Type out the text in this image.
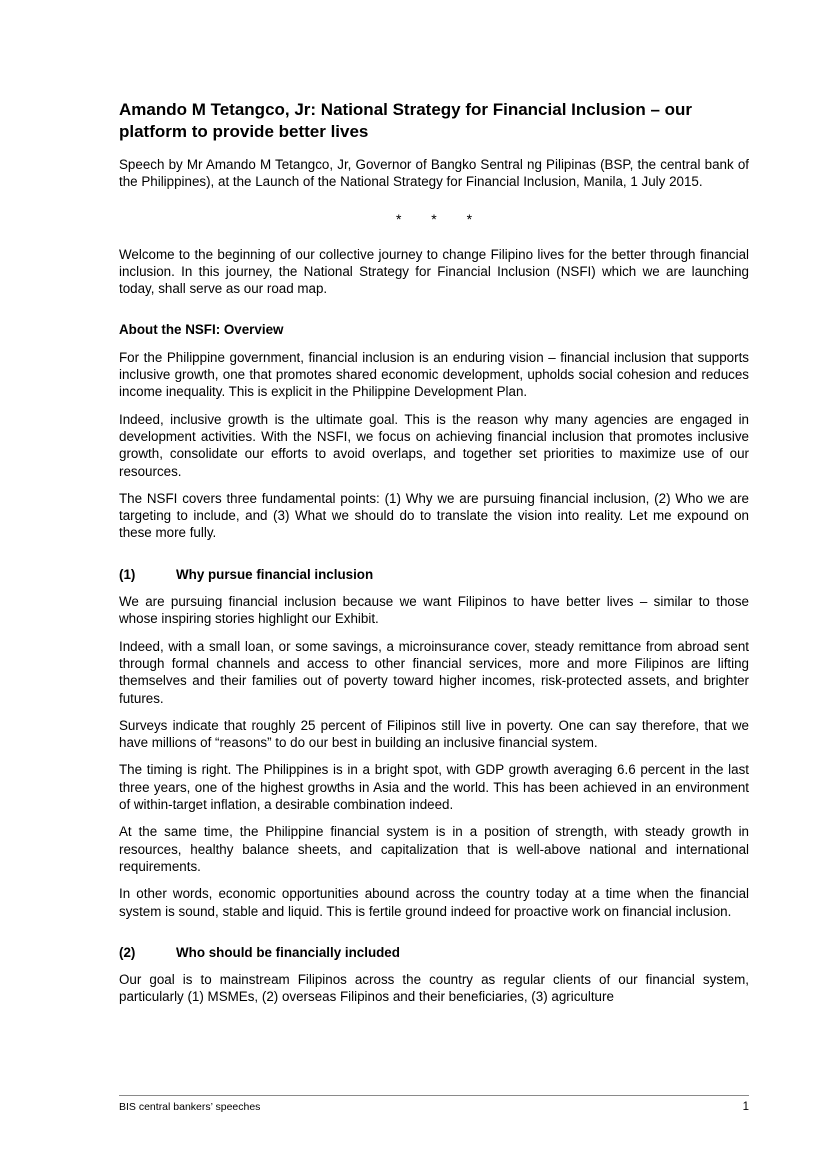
Amando M Tetangco, Jr: National Strategy for Financial Inclusion – our platform to provide better lives

Speech by Mr Amando M Tetangco, Jr, Governor of Bangko Sentral ng Pilipinas (BSP, the central bank of the Philippines), at the Launch of the National Strategy for Financial Inclusion, Manila, 1 July 2015.

* * *

Welcome to the beginning of our collective journey to change Filipino lives for the better through financial inclusion. In this journey, the National Strategy for Financial Inclusion (NSFI) which we are launching today, shall serve as our road map.

About the NSFI: Overview

For the Philippine government, financial inclusion is an enduring vision – financial inclusion that supports inclusive growth, one that promotes shared economic development, upholds social cohesion and reduces income inequality. This is explicit in the Philippine Development Plan.

Indeed, inclusive growth is the ultimate goal. This is the reason why many agencies are engaged in development activities. With the NSFI, we focus on achieving financial inclusion that promotes inclusive growth, consolidate our efforts to avoid overlaps, and together set priorities to maximize use of our resources.

The NSFI covers three fundamental points: (1) Why we are pursuing financial inclusion, (2) Who we are targeting to include, and (3) What we should do to translate the vision into reality. Let me expound on these more fully.

(1)	Why pursue financial inclusion

We are pursuing financial inclusion because we want Filipinos to have better lives – similar to those whose inspiring stories highlight our Exhibit.

Indeed, with a small loan, or some savings, a microinsurance cover, steady remittance from abroad sent through formal channels and access to other financial services, more and more Filipinos are lifting themselves and their families out of poverty toward higher incomes, risk-protected assets, and brighter futures.

Surveys indicate that roughly 25 percent of Filipinos still live in poverty. One can say therefore, that we have millions of “reasons” to do our best in building an inclusive financial system.

The timing is right. The Philippines is in a bright spot, with GDP growth averaging 6.6 percent in the last three years, one of the highest growths in Asia and the world. This has been achieved in an environment of within-target inflation, a desirable combination indeed.

At the same time, the Philippine financial system is in a position of strength, with steady growth in resources, healthy balance sheets, and capitalization that is well-above national and international requirements.

In other words, economic opportunities abound across the country today at a time when the financial system is sound, stable and liquid. This is fertile ground indeed for proactive work on financial inclusion.

(2)	Who should be financially included

Our goal is to mainstream Filipinos across the country as regular clients of our financial system, particularly (1) MSMEs, (2) overseas Filipinos and their beneficiaries, (3) agriculture

BIS central bankers’ speeches	1
